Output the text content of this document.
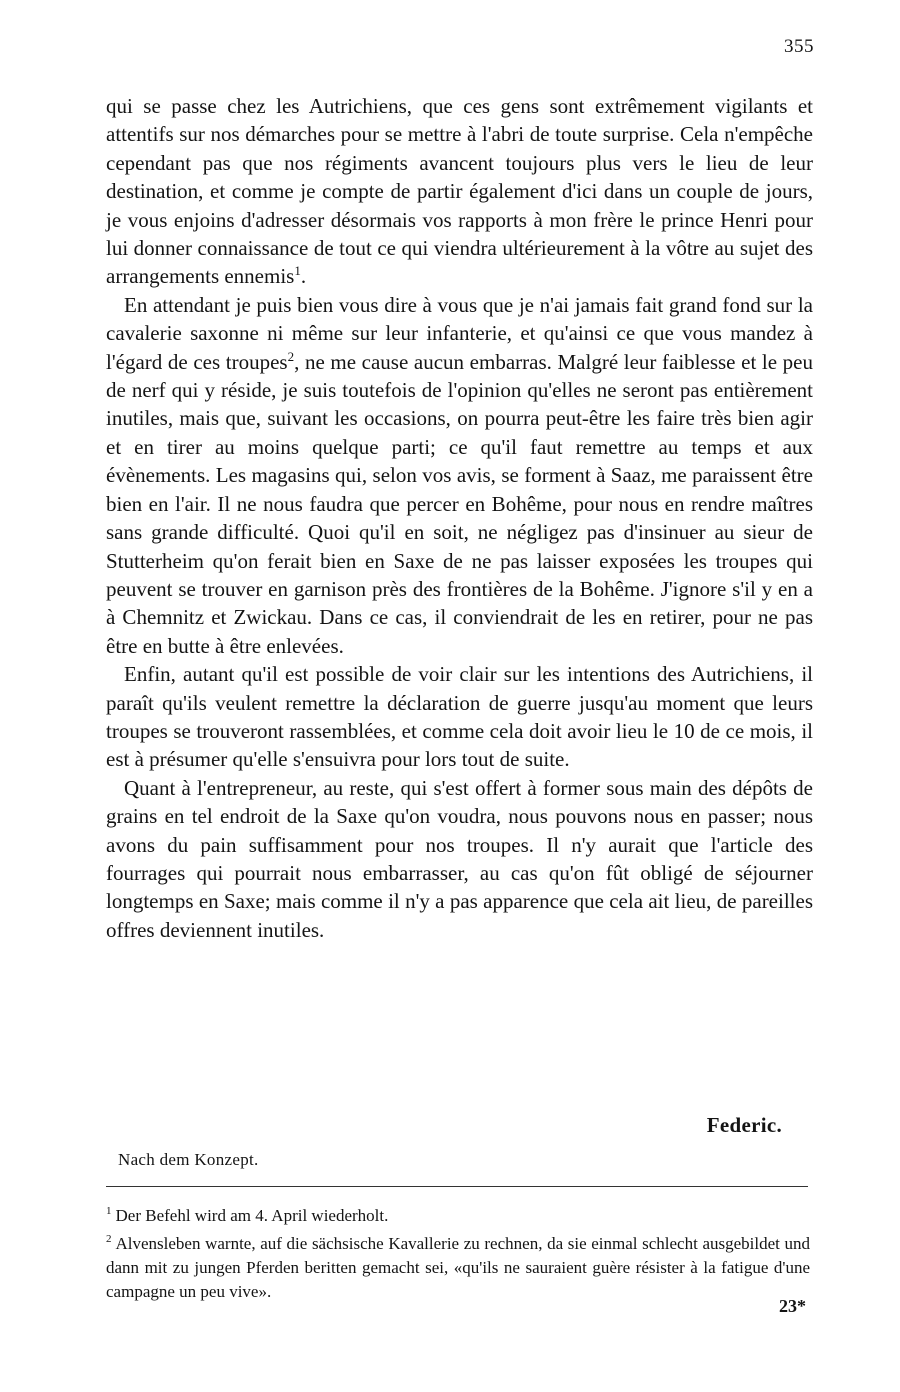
355

qui se passe chez les Autrichiens, que ces gens sont extrêmement vigilants et attentifs sur nos démarches pour se mettre à l'abri de toute surprise. Cela n'empêche cependant pas que nos régiments avancent toujours plus vers le lieu de leur destination, et comme je compte de partir également d'ici dans un couple de jours, je vous enjoins d'adresser désormais vos rapports à mon frère le prince Henri pour lui donner connaissance de tout ce qui viendra ultérieurement à la vôtre au sujet des arrangements ennemis$^1$.

En attendant je puis bien vous dire à vous que je n'ai jamais fait grand fond sur la cavalerie saxonne ni même sur leur infanterie, et qu'ainsi ce que vous mandez à l'égard de ces troupes$^2$, ne me cause aucun embarras. Malgré leur faiblesse et le peu de nerf qui y réside, je suis toutefois de l'opinion qu'elles ne seront pas entièrement inutiles, mais que, suivant les occasions, on pourra peut-être les faire très bien agir et en tirer au moins quelque parti; ce qu'il faut remettre au temps et aux évènements. Les magasins qui, selon vos avis, se forment à Saaz, me paraissent être bien en l'air. Il ne nous faudra que percer en Bohême, pour nous en rendre maîtres sans grande difficulté. Quoi qu'il en soit, ne négligez pas d'insinuer au sieur de Stutterheim qu'on ferait bien en Saxe de ne pas laisser exposées les troupes qui peuvent se trouver en garnison près des frontières de la Bohême. J'ignore s'il y en a à Chemnitz et Zwickau. Dans ce cas, il conviendrait de les en retirer, pour ne pas être en butte à être enlevées.

Enfin, autant qu'il est possible de voir clair sur les intentions des Autrichiens, il paraît qu'ils veulent remettre la déclaration de guerre jusqu'au moment que leurs troupes se trouveront rassemblées, et comme cela doit avoir lieu le 10 de ce mois, il est à présumer qu'elle s'ensuivra pour lors tout de suite.

Quant à l'entrepreneur, au reste, qui s'est offert à former sous main des dépôts de grains en tel endroit de la Saxe qu'on voudra, nous pouvons nous en passer; nous avons du pain suffisamment pour nos troupes. Il n'y aurait que l'article des fourrages qui pourrait nous embarrasser, au cas qu'on fût obligé de séjourner longtemps en Saxe; mais comme il n'y a pas apparence que cela ait lieu, de pareilles offres deviennent inutiles.

Federic.
Nach dem Konzept.

$^1$ Der Befehl wird am 4. April wiederholt.

$^2$ Alvensleben warnte, auf die sächsische Kavallerie zu rechnen, da sie einmal schlecht ausgebildet und dann mit zu jungen Pferden beritten gemacht sei, «qu'ils ne sauraient guère résister à la fatigue d'une campagne un peu vive».

23*
